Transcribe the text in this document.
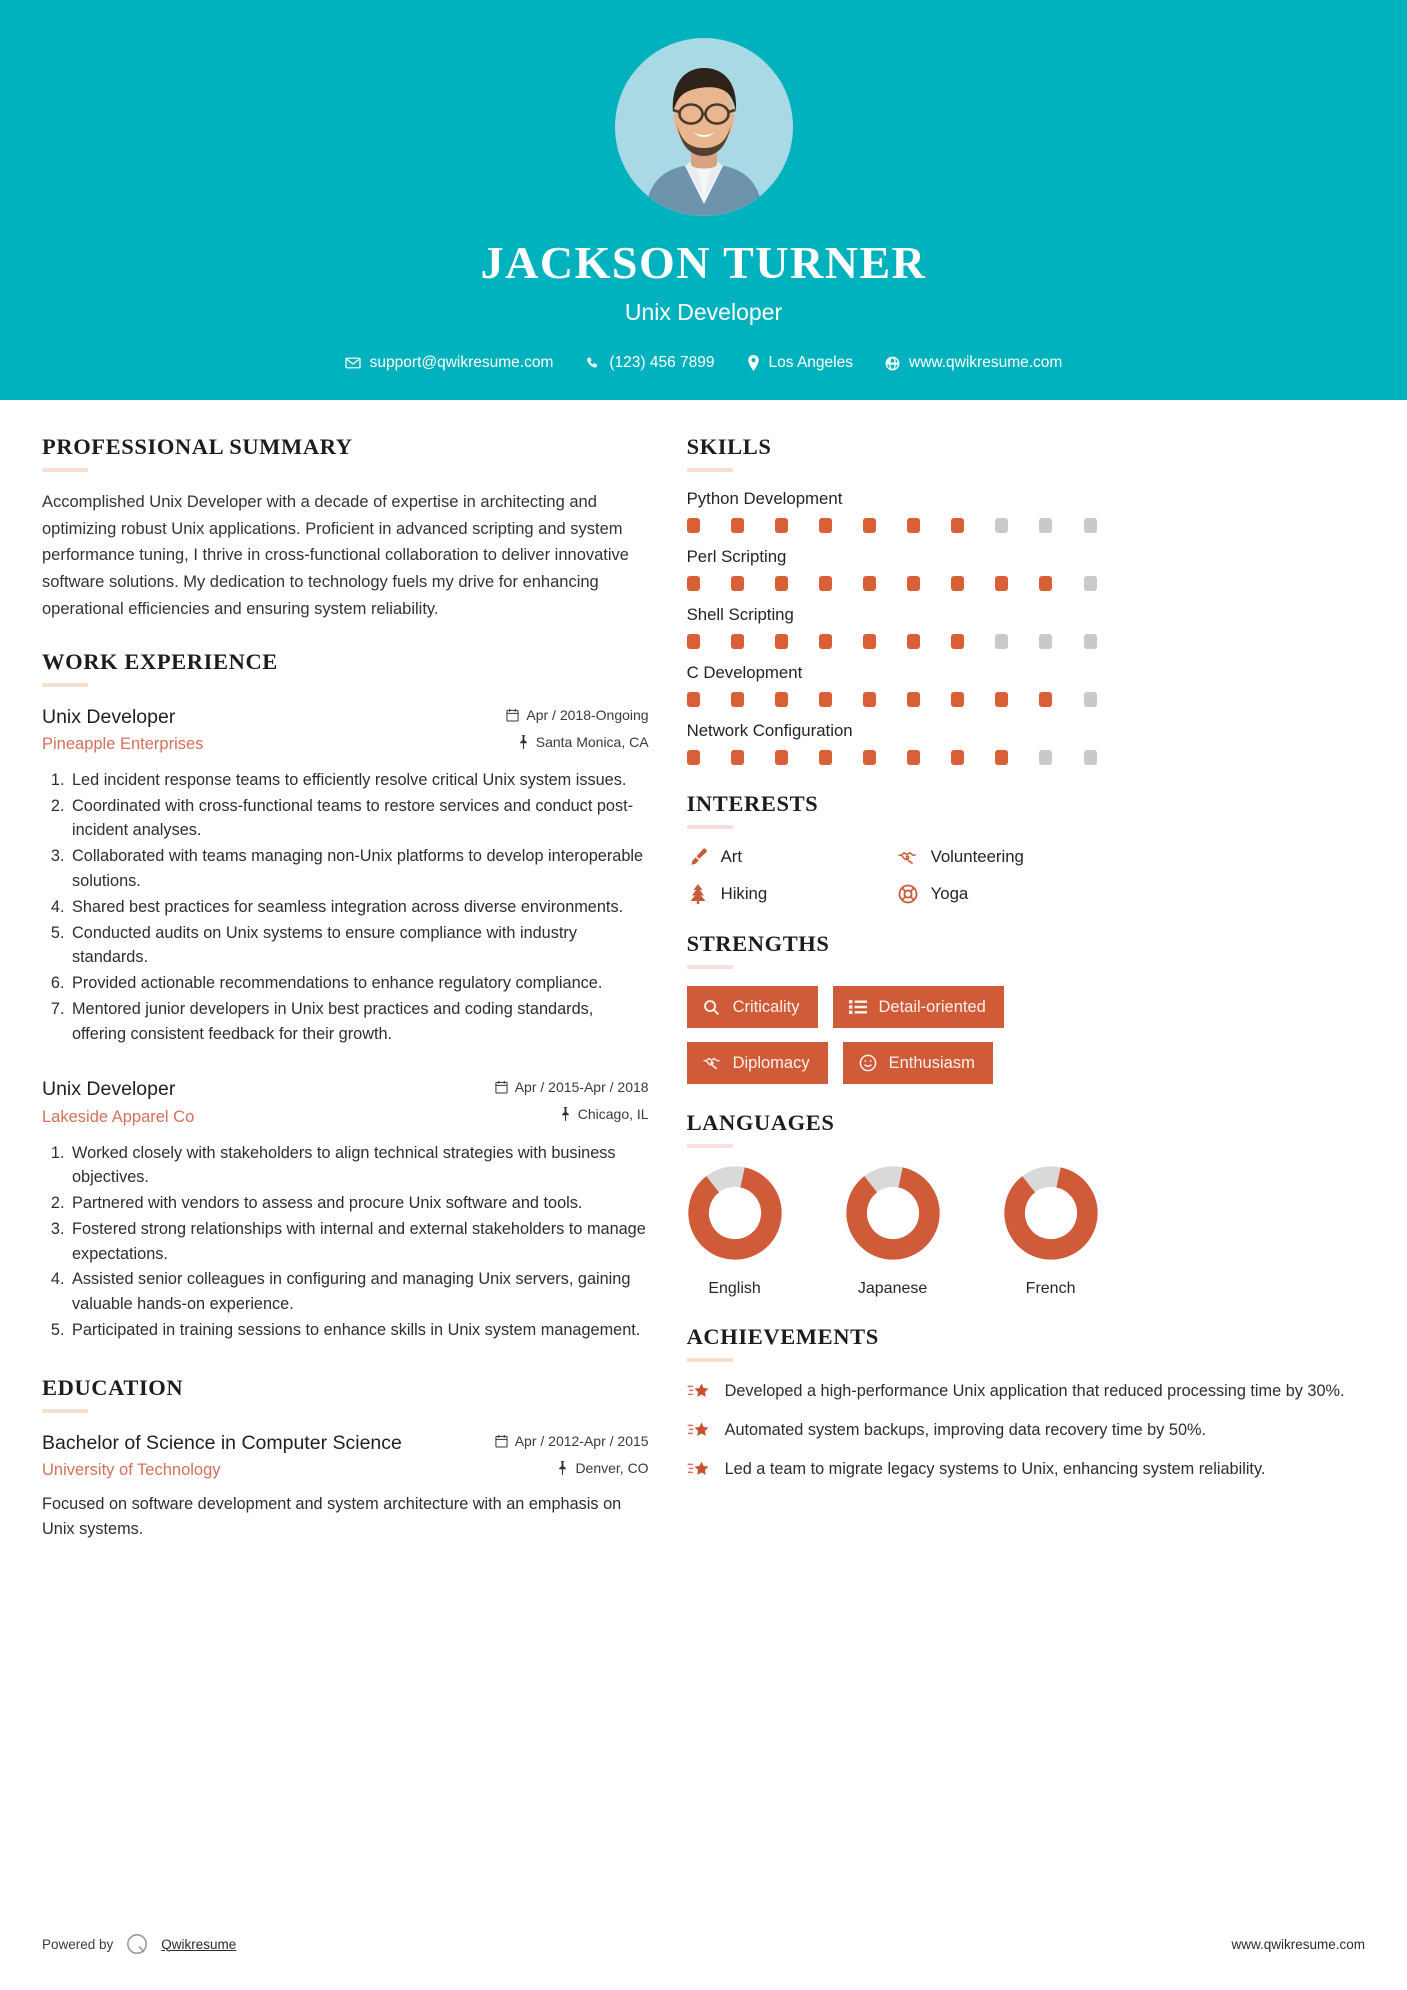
JACKSON TURNER
Unix Developer
support@qwikresume.com	(123) 456 7899	Los Angeles	www.qwikresume.com
PROFESSIONAL SUMMARY
Accomplished Unix Developer with a decade of expertise in architecting and optimizing robust Unix applications. Proficient in advanced scripting and system performance tuning, I thrive in cross-functional collaboration to deliver innovative software solutions. My dedication to technology fuels my drive for enhancing operational efficiencies and ensuring system reliability.
WORK EXPERIENCE
Unix Developer
Pineapple Enterprises
Apr / 2018-Ongoing
Santa Monica, CA
1. Led incident response teams to efficiently resolve critical Unix system issues.
2. Coordinated with cross-functional teams to restore services and conduct post-incident analyses.
3. Collaborated with teams managing non-Unix platforms to develop interoperable solutions.
4. Shared best practices for seamless integration across diverse environments.
5. Conducted audits on Unix systems to ensure compliance with industry standards.
6. Provided actionable recommendations to enhance regulatory compliance.
7. Mentored junior developers in Unix best practices and coding standards, offering consistent feedback for their growth.
Unix Developer
Lakeside Apparel Co
Apr / 2015-Apr / 2018
Chicago, IL
1. Worked closely with stakeholders to align technical strategies with business objectives.
2. Partnered with vendors to assess and procure Unix software and tools.
3. Fostered strong relationships with internal and external stakeholders to manage expectations.
4. Assisted senior colleagues in configuring and managing Unix servers, gaining valuable hands-on experience.
5. Participated in training sessions to enhance skills in Unix system management.
EDUCATION
Bachelor of Science in Computer Science
University of Technology
Apr / 2012-Apr / 2015
Denver, CO
Focused on software development and system architecture with an emphasis on Unix systems.
SKILLS
Python Development
Perl Scripting
Shell Scripting
C Development
Network Configuration
INTERESTS
Art	Volunteering
Hiking	Yoga
STRENGTHS
Criticality	Detail-oriented
Diplomacy	Enthusiasm
LANGUAGES
English	Japanese	French
ACHIEVEMENTS
Developed a high-performance Unix application that reduced processing time by 30%.
Automated system backups, improving data recovery time by 50%.
Led a team to migrate legacy systems to Unix, enhancing system reliability.
Powered by	Qwikresume	www.qwikresume.com
